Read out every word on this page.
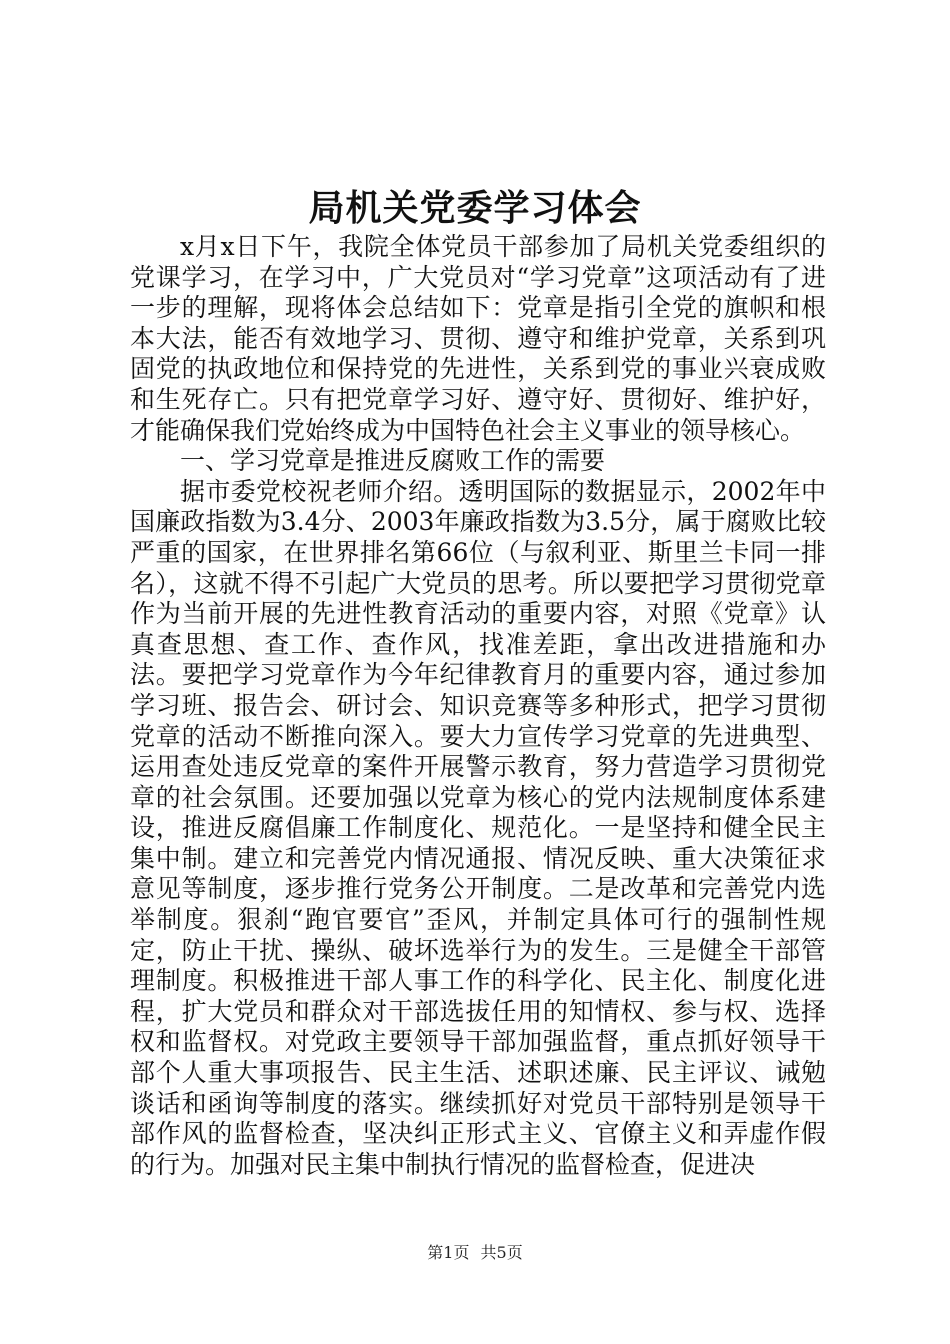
局机关党委学习体会

x月x日下午，我院全体党员干部参加了局机关党委组织的党课学习，在学习中，广大党员对“学习党章”这项活动有了进一步的理解，现将体会总结如下：党章是指引全党的旗帜和根本大法，能否有效地学习、贯彻、遵守和维护党章，关系到巩固党的执政地位和保持党的先进性，关系到党的事业兴衰成败和生死存亡。只有把党章学习好、遵守好、贯彻好、维护好，才能确保我们党始终成为中国特色社会主义事业的领导核心。

一、学习党章是推进反腐败工作的需要

据市委党校祝老师介绍。透明国际的数据显示，2002年中国廉政指数为3.4分、2003年廉政指数为3.5分，属于腐败比较严重的国家，在世界排名第66位（与叙利亚、斯里兰卡同一排名），这就不得不引起广大党员的思考。所以要把学习贯彻党章作为当前开展的先进性教育活动的重要内容，对照《党章》认真查思想、查工作、查作风，找准差距，拿出改进措施和办法。要把学习党章作为今年纪律教育月的重要内容，通过参加学习班、报告会、研讨会、知识竞赛等多种形式，把学习贯彻党章的活动不断推向深入。要大力宣传学习党章的先进典型、运用查处违反党章的案件开展警示教育，努力营造学习贯彻党章的社会氛围。还要加强以党章为核心的党内法规制度体系建设，推进反腐倡廉工作制度化、规范化。一是坚持和健全民主集中制。建立和完善党内情况通报、情况反映、重大决策征求意见等制度，逐步推行党务公开制度。二是改革和完善党内选举制度。狠刹“跑官要官”歪风，并制定具体可行的强制性规定，防止干扰、操纵、破坏选举行为的发生。三是健全干部管理制度。积极推进干部人事工作的科学化、民主化、制度化进程，扩大党员和群众对干部选拔任用的知情权、参与权、选择权和监督权。对党政主要领导干部加强监督，重点抓好领导干部个人重大事项报告、民主生活、述职述廉、民主评议、诫勉谈话和函询等制度的落实。继续抓好对党员干部特别是领导干部作风的监督检查，坚决纠正形式主义、官僚主义和弄虚作假的行为。加强对民主集中制执行情况的监督检查，促进决

第1页 共5页
